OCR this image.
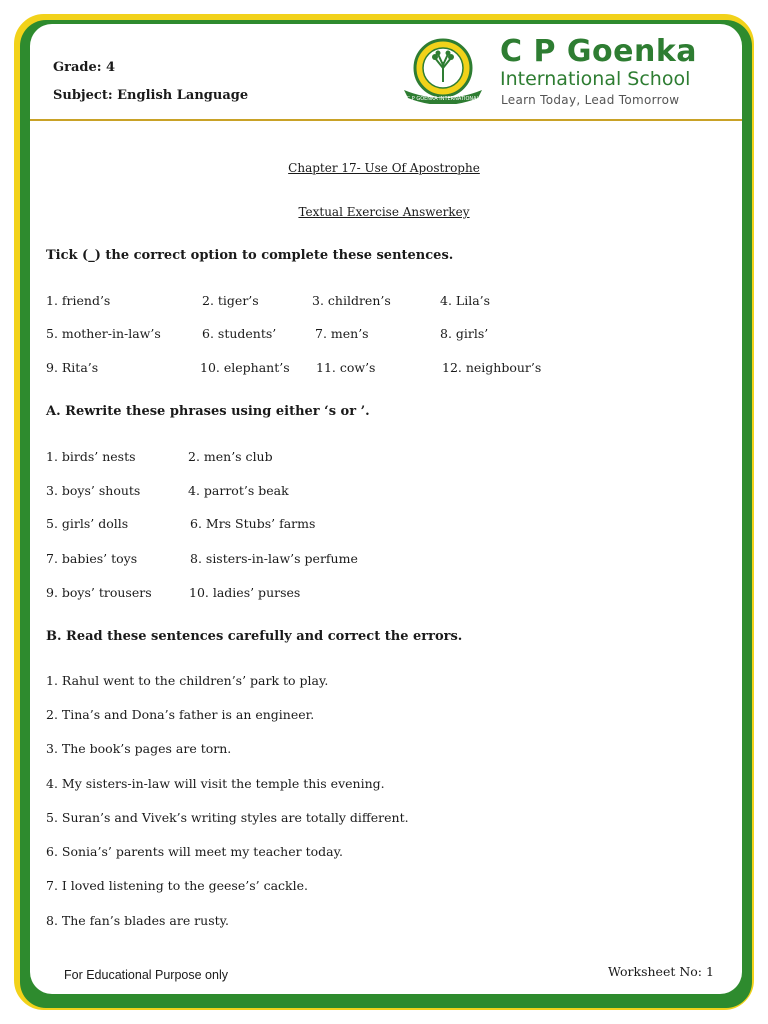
Grade: 4
Subject: English Language	C P GOENKA INTERNATIONAL
C P Goenka
International School
Learn Today, Lead Tomorrow
Chapter 17- Use Of Apostrophe
Textual Exercise Answerkey
Tick (_) the correct option to complete these sentences.
1. friend’s	2. tiger’s	3. children’s	4. Lila’s
5. mother-in-law’s	6. students’	7. men’s	8. girls’
9. Rita’s	10. elephant’s 11. cow’s	12. neighbour’s
A. Rewrite these phrases using either ‘s or ’.
1. birds’ nests	2. men’s club
3. boys’ shouts	4. parrot’s beak
5. girls’ dolls	6. Mrs Stubs’ farms
7. babies’ toys	8. sisters-in-law’s perfume
9. boys’ trousers	10. ladies’ purses
B. Read these sentences carefully and correct the errors.
1. Rahul went to the children’s’ park to play.
2. Tina’s and Dona’s father is an engineer.
3. The book’s pages are torn.
4. My sisters-in-law will visit the temple this evening.
5. Suran’s and Vivek’s writing styles are totally different.
6. Sonia’s’ parents will meet my teacher today.
7. I loved listening to the geese’s’ cackle.
8. The fan’s blades are rusty.
For Educational Purpose only	Worksheet No: 1
